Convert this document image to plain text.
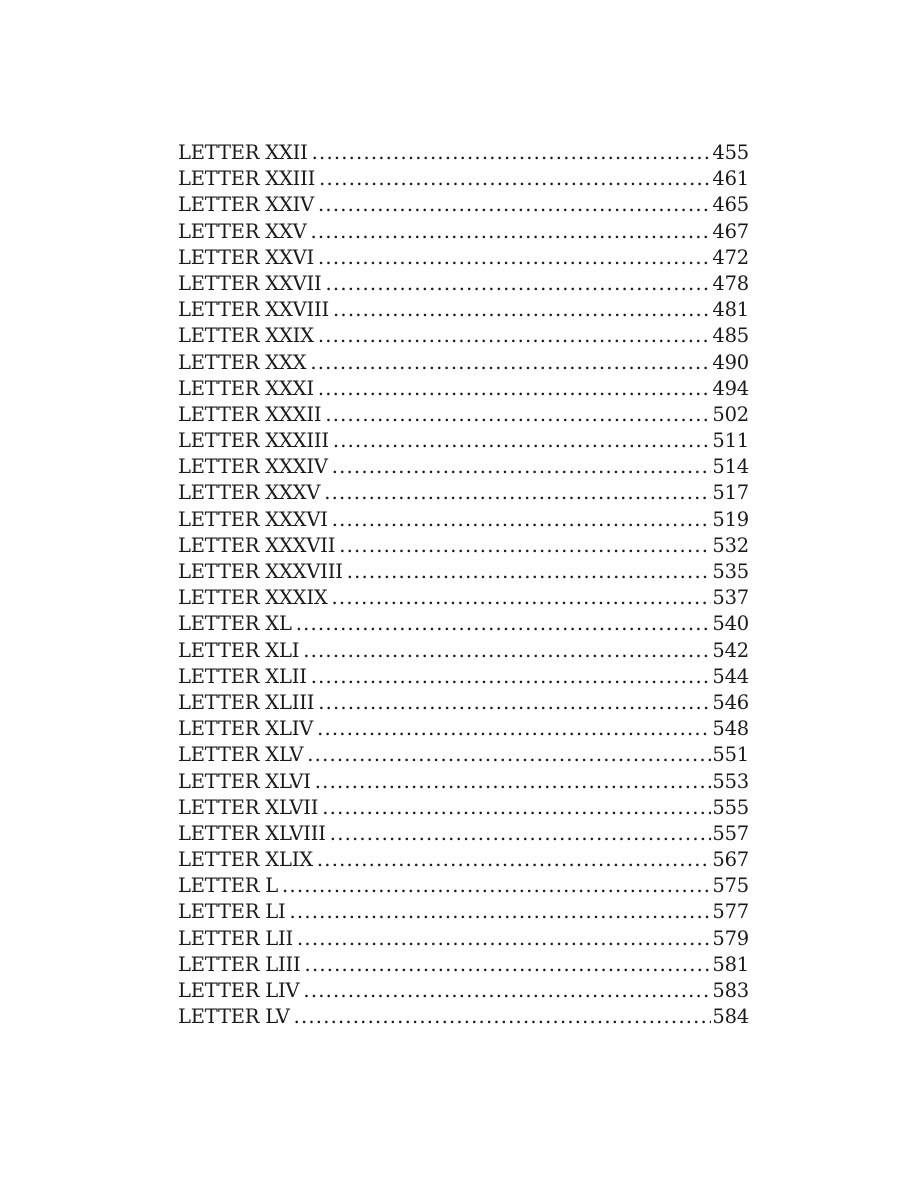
LETTER XXII .....	455
LETTER XXIII .....	461
LETTER XXIV .....	465
LETTER XXV .....	467
LETTER XXVI .....	472
LETTER XXVII .....	478
LETTER XXVIII .....	481
LETTER XXIX .....	485
LETTER XXX .....	490
LETTER XXXI .....	494
LETTER XXXII .....	502
LETTER XXXIII .....	511
LETTER XXXIV .....	514
LETTER XXXV .....	517
LETTER XXXVI .....	519
LETTER XXXVII .....	532
LETTER XXXVIII .....	535
LETTER XXXIX .....	537
LETTER XL .....	540
LETTER XLI .....	542
LETTER XLII .....	544
LETTER XLIII .....	546
LETTER XLIV .....	548
LETTER XLV .....	551
LETTER XLVI .....	553
LETTER XLVII .....	555
LETTER XLVIII .....	557
LETTER XLIX .....	567
LETTER L .....	575
LETTER LI .....	577
LETTER LII .....	579
LETTER LIII .....	581
LETTER LIV .....	583
LETTER LV .....	584
